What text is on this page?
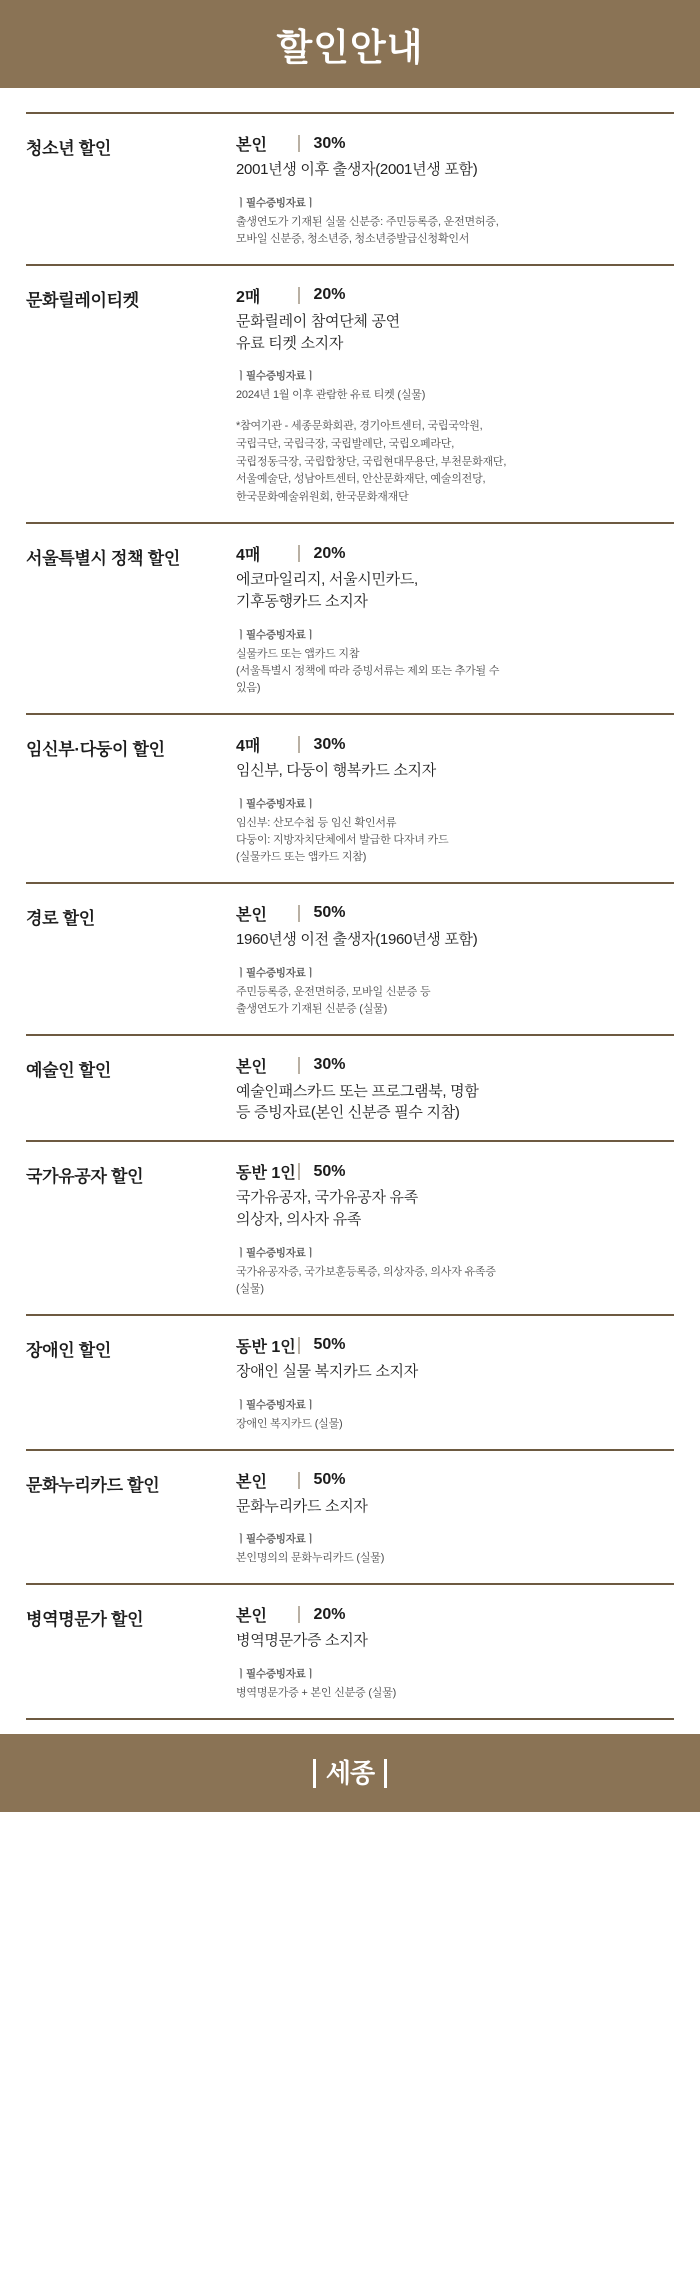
할인안내
청소년 할인	본인	30%
2001년생 이후 출생자(2001년생 포함)
ㅣ필수증빙자료ㅣ
출생연도가 기재된 실물 신분증: 주민등록증, 운전면허증,
모바일 신분증, 청소년증, 청소년증발급신청확인서
문화릴레이티켓	2매	20%
문화릴레이 참여단체 공연
유료 티켓 소지자
ㅣ필수증빙자료ㅣ
2024년 1월 이후 관람한 유료 티켓 (실물)
*참여기관 - 세종문화회관, 경기아트센터, 국립국악원,
국립극단, 국립극장, 국립발레단, 국립오페라단,
국립정동극장, 국립합창단, 국립현대무용단, 부천문화재단,
서울예술단, 성남아트센터, 안산문화재단, 예술의전당,
한국문화예술위원회, 한국문화재재단
서울특별시 정책 할인	4매	20%
에코마일리지, 서울시민카드,
기후동행카드 소지자
ㅣ필수증빙자료ㅣ
실물카드 또는 앱카드 지참
(서울특별시 정책에 따라 증빙서류는 제외 또는 추가될 수
있음)
임신부·다둥이 할인	4매	30%
임신부, 다둥이 행복카드 소지자
ㅣ필수증빙자료ㅣ
임신부: 산모수첩 등 임신 확인서류
다둥이: 지방자치단체에서 발급한 다자녀 카드
(실물카드 또는 앱카드 지참)
경로 할인	본인	50%
1960년생 이전 출생자(1960년생 포함)
ㅣ필수증빙자료ㅣ
주민등록증, 운전면허증, 모바일 신분증 등
출생연도가 기재된 신분증 (실물)
예술인 할인	본인	30%
예술인패스카드 또는 프로그램북, 명함
등 증빙자료(본인 신분증 필수 지참)
국가유공자 할인	동반 1인 50%
국가유공자, 국가유공자 유족
의상자, 의사자 유족
ㅣ필수증빙자료ㅣ
국가유공자증, 국가보훈등록증, 의상자증, 의사자 유족증
(실물)
장애인 할인	동반 1인 50%
장애인 실물 복지카드 소지자
ㅣ필수증빙자료ㅣ
장애인 복지카드 (실물)
문화누리카드 할인	본인	50%
문화누리카드 소지자
ㅣ필수증빙자료ㅣ
본인명의의 문화누리카드 (실물)
병역명문가 할인	본인	20%
병역명문가증 소지자
ㅣ필수증빙자료ㅣ
병역명문가증 + 본인 신분증 (실물)
세종
